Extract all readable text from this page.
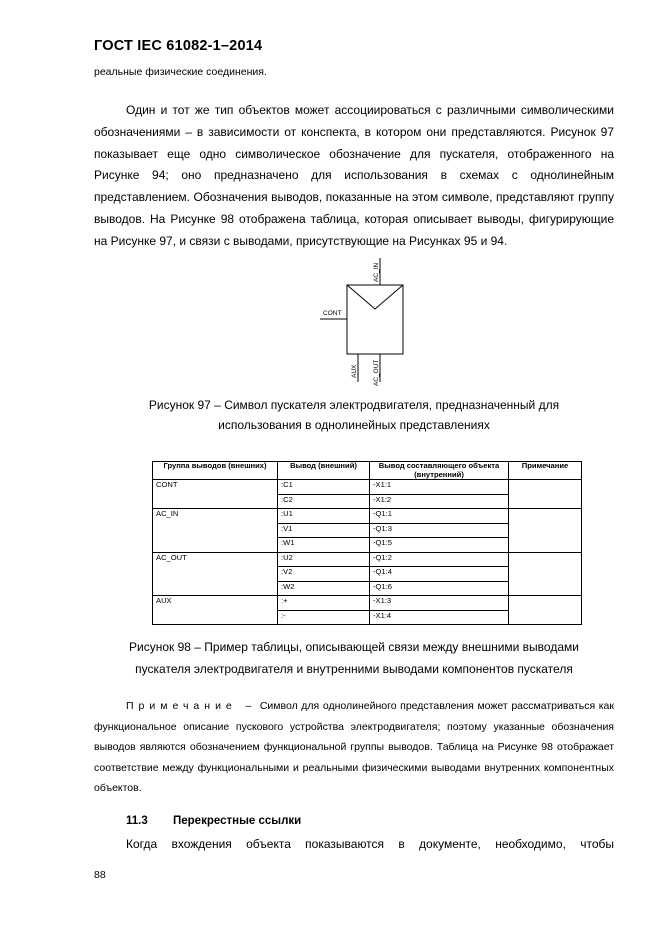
ГОСТ IEC 61082-1–2014
реальные физические соединения.
Один и тот же тип объектов может ассоциироваться с различными символическими обозначениями – в зависимости от конспекта, в котором они представляются. Рисунок 97 показывает еще одно символическое обозначение для пускателя, отображенного на Рисунке 94; оно предназначено для использования в схемах с однолинейным представлением. Обозначения выводов, показанные на этом символе, представляют группу выводов. На Рисунке 98 отображена таблица, которая описывает выводы, фигурирующие на Рисунке 97, и связи с выводами, присутствующие на Рисунках 95 и 94.
AC_IN
CONT
AUX AC_OUT
Рисунок 97 – Символ пускателя электродвигателя, предназначенный для
использования в однолинейных представлениях
Группа выводов (внешних)	Вывод (внешний)	Вывод составляющего объекта (внутренний)	Примечание
CONT	:C1	-X1:1	
	:C2	-X1:2	
AC_IN	:U1	-Q1:1	
	:V1	-Q1:3	
	:W1	-Q1:5	
AC_OUT	:U2	-Q1:2	
	:V2	-Q1:4	
	:W2	-Q1:6	
AUX	:+	-X1:3	
	:-	-X1:4	
Рисунок 98 – Пример таблицы, описывающей связи между внешними выводами
пускателя электродвигателя и внутренними выводами компонентов пускателя
Примечание – Символ для однолинейного представления может рассматриваться как функциональное описание пускового устройства электродвигателя; поэтому указанные обозначения выводов являются обозначением функциональной группы выводов. Таблица на Рисунке 98 отображает соответствие между функциональными и реальными физическими выводами внутренних компонентных объектов.
11.3 Перекрестные ссылки
Когда вхождения объекта показываются в документе, необходимо, чтобы
88
